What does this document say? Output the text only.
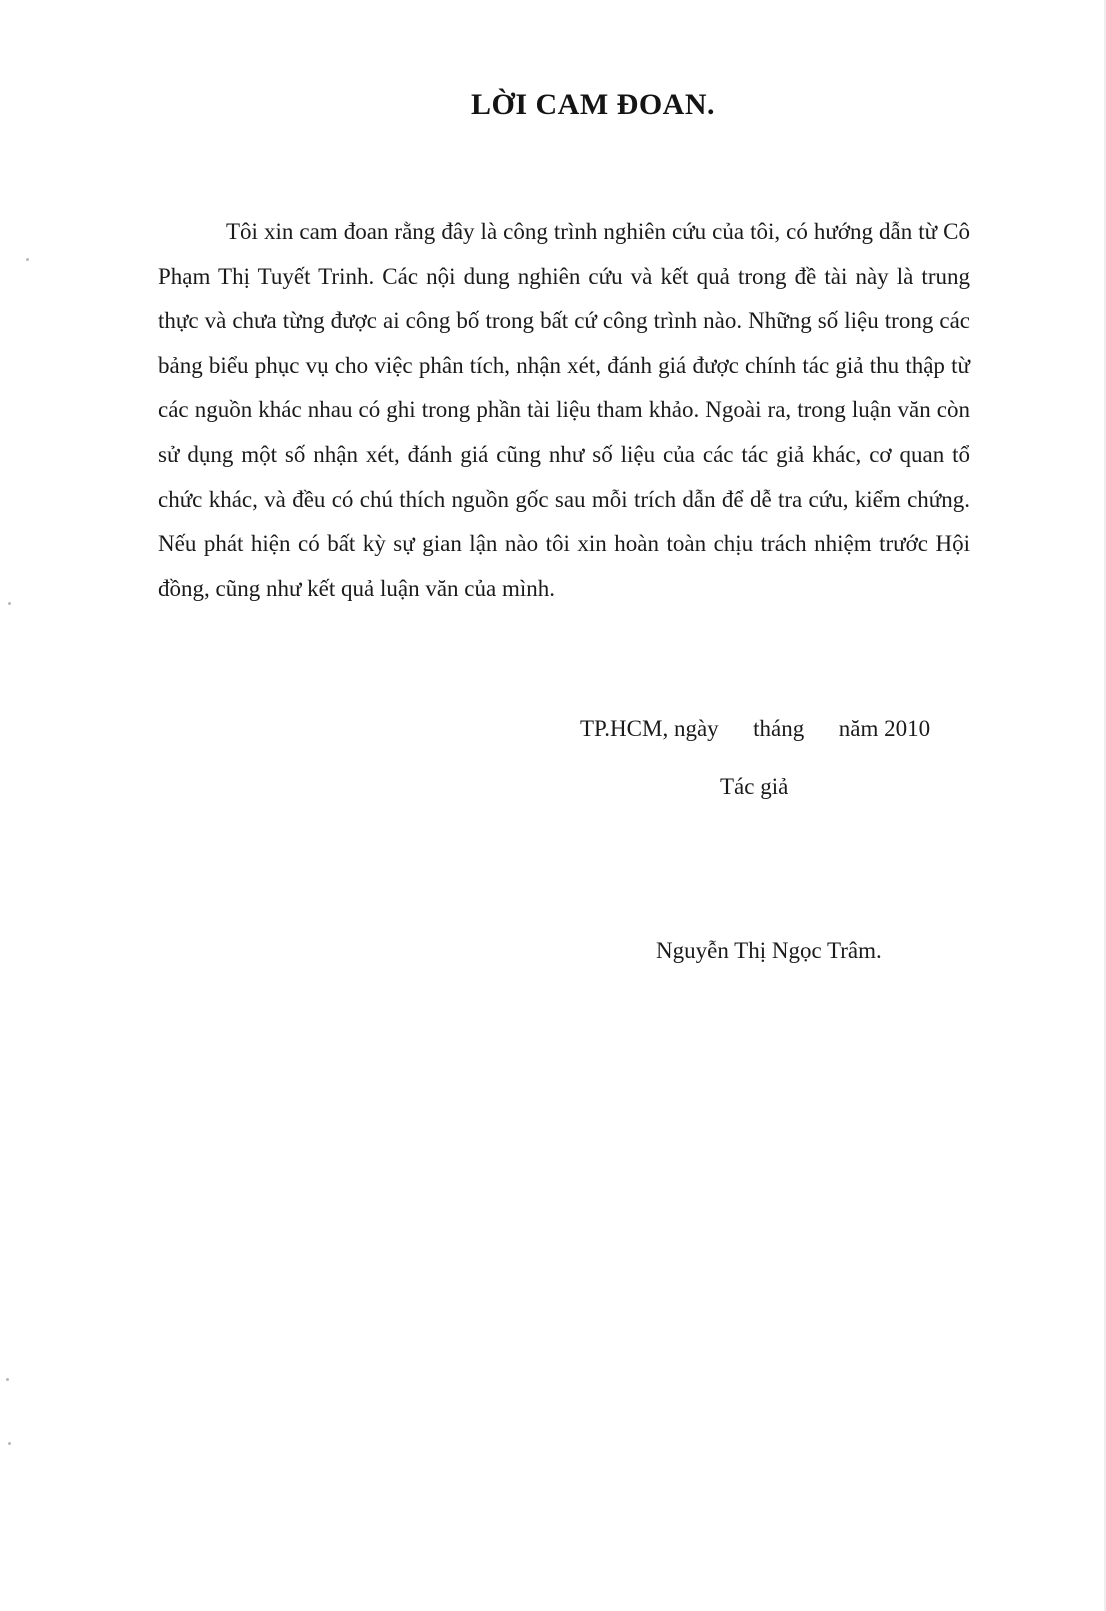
LỜI CAM ĐOAN.

Tôi xin cam đoan rằng đây là công trình nghiên cứu của tôi, có hướng dẫn từ Cô Phạm Thị Tuyết Trinh. Các nội dung nghiên cứu và kết quả trong đề tài này là trung thực và chưa từng được ai công bố trong bất cứ công trình nào. Những số liệu trong các bảng biểu phục vụ cho việc phân tích, nhận xét, đánh giá được chính tác giả thu thập từ các nguồn khác nhau có ghi trong phần tài liệu tham khảo. Ngoài ra, trong luận văn còn sử dụng một số nhận xét, đánh giá cũng như số liệu của các tác giả khác, cơ quan tổ chức khác, và đều có chú thích nguồn gốc sau mỗi trích dẫn để dễ tra cứu, kiểm chứng. Nếu phát hiện có bất kỳ sự gian lận nào tôi xin hoàn toàn chịu trách nhiệm trước Hội đồng, cũng như kết quả luận văn của mình.

TP.HCM, ngày      tháng      năm 2010
Tác giả
Nguyễn Thị Ngọc Trâm.
